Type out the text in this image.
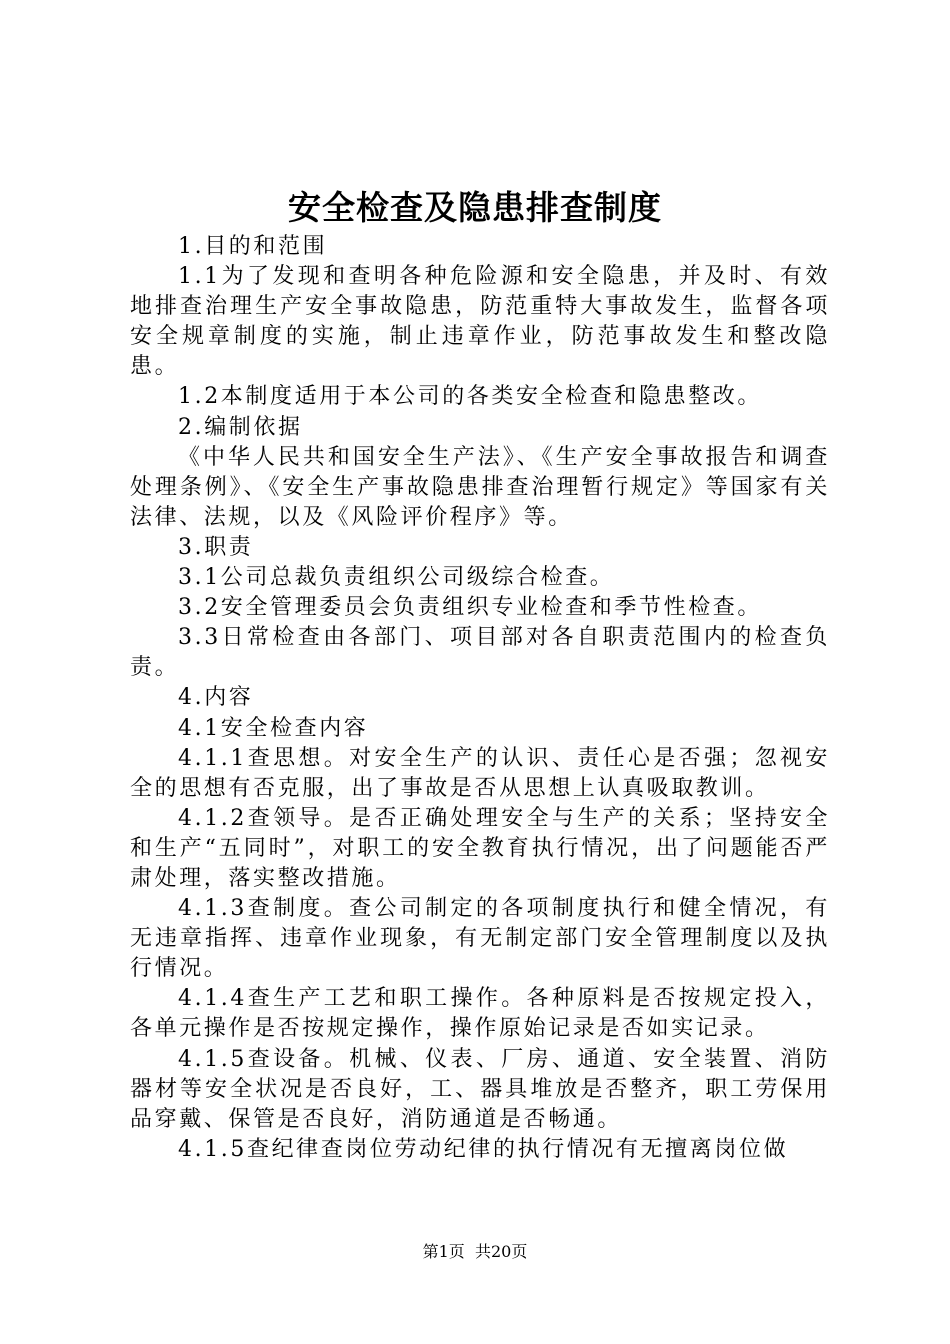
安全检查及隐患排查制度

1.目的和范围

1.1为了发现和查明各种危险源和安全隐患，并及时、有效地排查治理生产安全事故隐患，防范重特大事故发生，监督各项安全规章制度的实施，制止违章作业，防范事故发生和整改隐患。

1.2本制度适用于本公司的各类安全检查和隐患整改。

2.编制依据

《中华人民共和国安全生产法》、《生产安全事故报告和调查处理条例》、《安全生产事故隐患排查治理暂行规定》等国家有关法律、法规，以及《风险评价程序》等。

3.职责

3.1公司总裁负责组织公司级综合检查。

3.2安全管理委员会负责组织专业检查和季节性检查。

3.3日常检查由各部门、项目部对各自职责范围内的检查负责。

4.内容

4.1安全检查内容

4.1.1查思想。对安全生产的认识、责任心是否强；忽视安全的思想有否克服，出了事故是否从思想上认真吸取教训。

4.1.2查领导。是否正确处理安全与生产的关系；坚持安全和生产“五同时”，对职工的安全教育执行情况，出了问题能否严肃处理，落实整改措施。

4.1.3查制度。查公司制定的各项制度执行和健全情况，有无违章指挥、违章作业现象，有无制定部门安全管理制度以及执行情况。

4.1.4查生产工艺和职工操作。各种原料是否按规定投入，各单元操作是否按规定操作，操作原始记录是否如实记录。

4.1.5查设备。机械、仪表、厂房、通道、安全装置、消防器材等安全状况是否良好，工、器具堆放是否整齐，职工劳保用品穿戴、保管是否良好，消防通道是否畅通。

4.1.5查纪律查岗位劳动纪律的执行情况有无擅离岗位做

第1页 共20页
